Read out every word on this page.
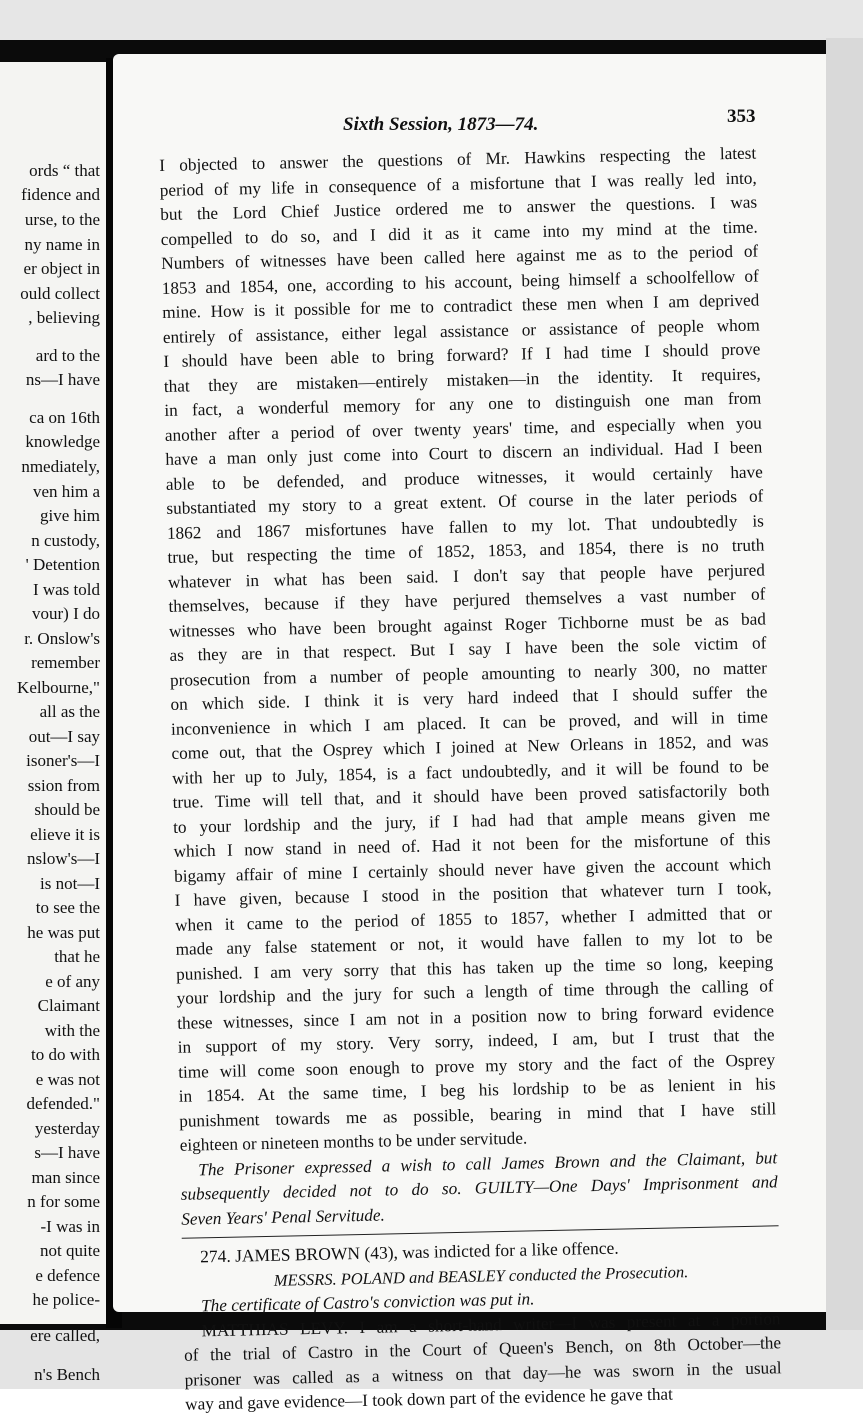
ords “ that
fidence and
urse, to the
ny name in
er object in
ould collect
, believing
ard to the
ns—I have
ca on 16th
knowledge
nmediately,
ven him a
give him
n custody,
' Detention
I was told
vour) I do
r. Onslow's
remember
Kelbourne,"
all as the
out—I say
isoner's—I
ssion from
should be
elieve it is
nslow's—I
is not—I
to see the
he was put
that he
e of any
Claimant
with the
to do with
e was not
defended."
yesterday
s—I have
man since
n for some
-I was in
not quite
e defence
he police-
ere called,
n's Bench
Sixth Session, 1873—74.	353
I objected to answer the questions of Mr. Hawkins respecting the latest
period of my life in consequence of a misfortune that I was really led into,
but the Lord Chief Justice ordered me to answer the questions. I was
compelled to do so, and I did it as it came into my mind at the time.
Numbers of witnesses have been called here against me as to the period of
1853 and 1854, one, according to his account, being himself a schoolfellow of
mine. How is it possible for me to contradict these men when I am deprived
entirely of assistance, either legal assistance or assistance of people whom
I should have been able to bring forward? If I had time I should prove
that they are mistaken—entirely mistaken—in the identity. It requires,
in fact, a wonderful memory for any one to distinguish one man from
another after a period of over twenty years' time, and especially when you
have a man only just come into Court to discern an individual. Had I been
able to be defended, and produce witnesses, it would certainly have
substantiated my story to a great extent. Of course in the later periods of
1862 and 1867 misfortunes have fallen to my lot. That undoubtedly is
true, but respecting the time of 1852, 1853, and 1854, there is no truth
whatever in what has been said. I don't say that people have perjured
themselves, because if they have perjured themselves a vast number of
witnesses who have been brought against Roger Tichborne must be as bad
as they are in that respect. But I say I have been the sole victim of
prosecution from a number of people amounting to nearly 300, no matter
on which side. I think it is very hard indeed that I should suffer the
inconvenience in which I am placed. It can be proved, and will in time
come out, that the Osprey which I joined at New Orleans in 1852, and was
with her up to July, 1854, is a fact undoubtedly, and it will be found to be
true. Time will tell that, and it should have been proved satisfactorily both
to your lordship and the jury, if I had had that ample means given me
which I now stand in need of. Had it not been for the misfortune of this
bigamy affair of mine I certainly should never have given the account which
I have given, because I stood in the position that whatever turn I took,
when it came to the period of 1855 to 1857, whether I admitted that or
made any false statement or not, it would have fallen to my lot to be
punished. I am very sorry that this has taken up the time so long, keeping
your lordship and the jury for such a length of time through the calling of
these witnesses, since I am not in a position now to bring forward evidence
in support of my story. Very sorry, indeed, I am, but I trust that the
time will come soon enough to prove my story and the fact of the Osprey
in 1854. At the same time, I beg his lordship to be as lenient in his
punishment towards me as possible, bearing in mind that I have still
eighteen or nineteen months to be under servitude.
The Prisoner expressed a wish to call James Brown and the Claimant, but
subsequently decided not to do so. GUILTY—One Days' Imprisonment and
Seven Years' Penal Servitude.
274. JAMES BROWN (43), was indicted for a like offence.
MESSRS. POLAND and BEASLEY conducted the Prosecution.
The certificate of Castro's conviction was put in.
MATTHIAS LEVY. I am a short-hand writer—I was present at a portion
of the trial of Castro in the Court of Queen's Bench, on 8th October—the
prisoner was called as a witness on that day—he was sworn in the usual
way and gave evidence—I took down part of the evidence he gave that
